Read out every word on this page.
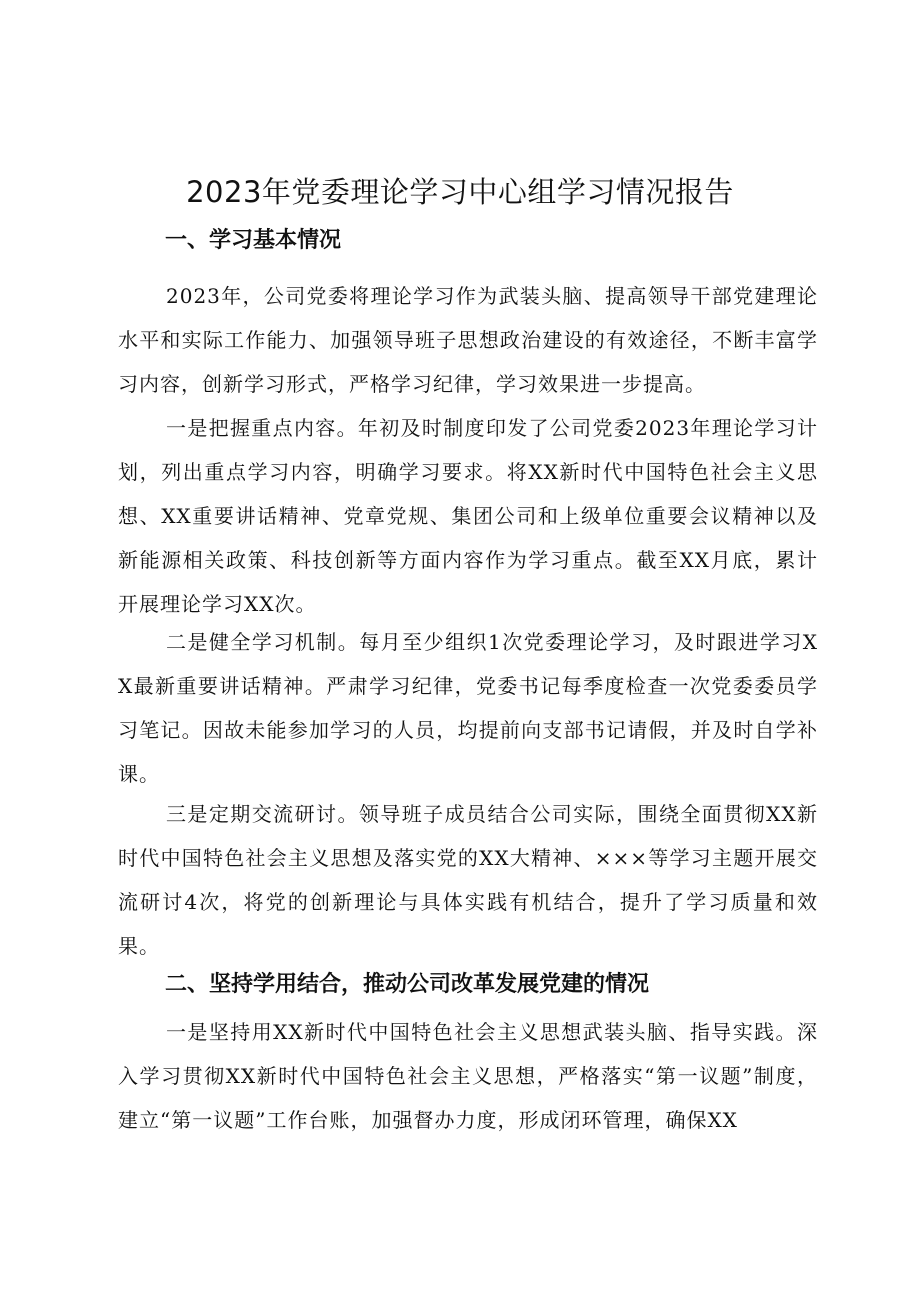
2023年党委理论学习中心组学习情况报告
一、学习基本情况

2023年，公司党委将理论学习作为武装头脑、提高领导干部党建理论水平和实际工作能力、加强领导班子思想政治建设的有效途径，不断丰富学习内容，创新学习形式，严格学习纪律，学习效果进一步提高。

一是把握重点内容。年初及时制度印发了公司党委2023年理论学习计划，列出重点学习内容，明确学习要求。将XX新时代中国特色社会主义思想、XX重要讲话精神、党章党规、集团公司和上级单位重要会议精神以及新能源相关政策、科技创新等方面内容作为学习重点。截至XX月底，累计开展理论学习XX次。

二是健全学习机制。每月至少组织1次党委理论学习，及时跟进学习XX最新重要讲话精神。严肃学习纪律，党委书记每季度检查一次党委委员学习笔记。因故未能参加学习的人员，均提前向支部书记请假，并及时自学补课。

三是定期交流研讨。领导班子成员结合公司实际，围绕全面贯彻XX新时代中国特色社会主义思想及落实党的XX大精神、×××等学习主题开展交流研讨4次，将党的创新理论与具体实践有机结合，提升了学习质量和效果。

二、坚持学用结合，推动公司改革发展党建的情况

一是坚持用XX新时代中国特色社会主义思想武装头脑、指导实践。深入学习贯彻XX新时代中国特色社会主义思想，严格落实“第一议题”制度，建立“第一议题”工作台账，加强督办力度，形成闭环管理，确保XX
